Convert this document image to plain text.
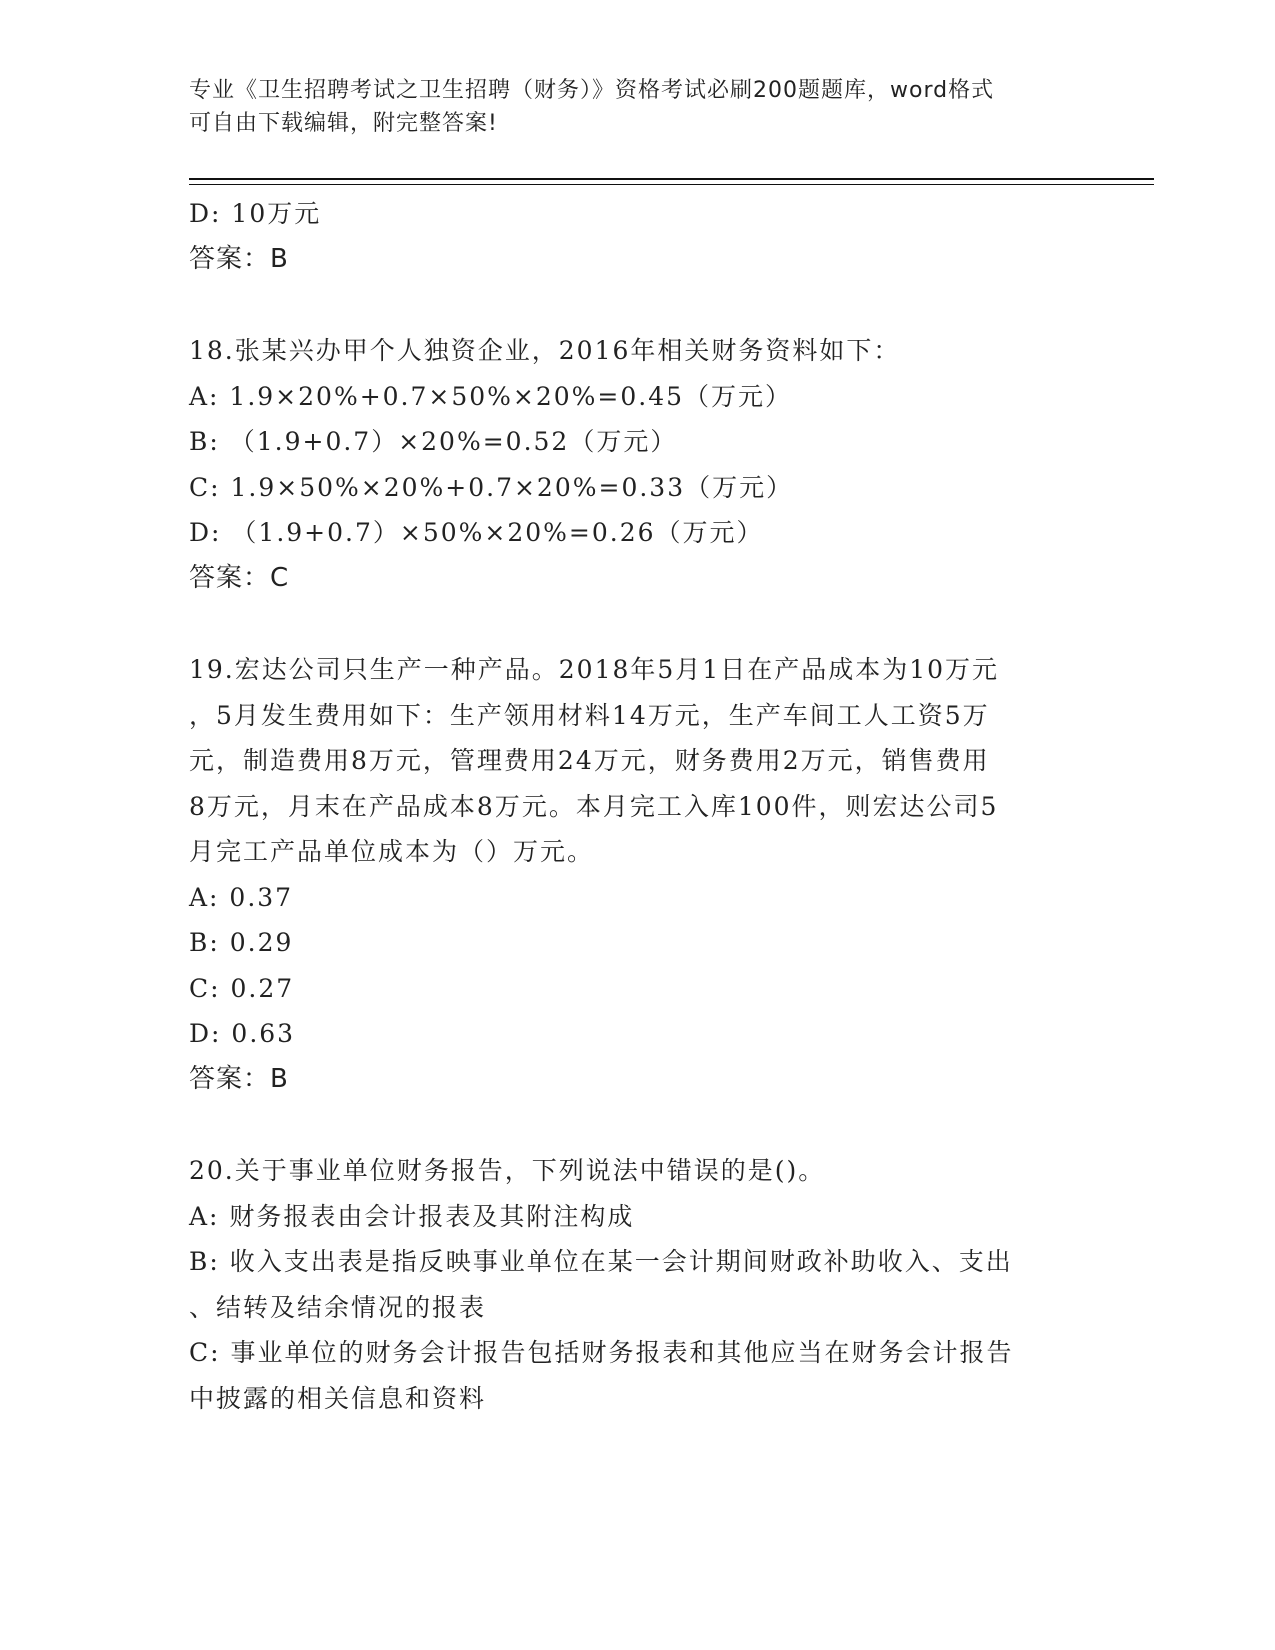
专业《卫生招聘考试之卫生招聘（财务）》资格考试必刷200题题库，word格式
可自由下载编辑，附完整答案!
D: 10万元
答案：B
18.张某兴办甲个人独资企业，2016年相关财务资料如下：
A: 1.9×20%+0.7×50%×20%=0.45（万元）
B: （1.9+0.7）×20%=0.52（万元）
C: 1.9×50%×20%+0.7×20%=0.33（万元）
D: （1.9+0.7）×50%×20%=0.26（万元）
答案：C
19.宏达公司只生产一种产品。2018年5月1日在产品成本为10万元
，5月发生费用如下：生产领用材料14万元，生产车间工人工资5万
元，制造费用8万元，管理费用24万元，财务费用2万元，销售费用
8万元，月末在产品成本8万元。本月完工入库100件，则宏达公司5
月完工产品单位成本为（）万元。
A: 0.37
B: 0.29
C: 0.27
D: 0.63
答案：B
20.关于事业单位财务报告，下列说法中错误的是()。
A: 财务报表由会计报表及其附注构成
B: 收入支出表是指反映事业单位在某一会计期间财政补助收入、支出
、结转及结余情况的报表
C: 事业单位的财务会计报告包括财务报表和其他应当在财务会计报告
中披露的相关信息和资料
